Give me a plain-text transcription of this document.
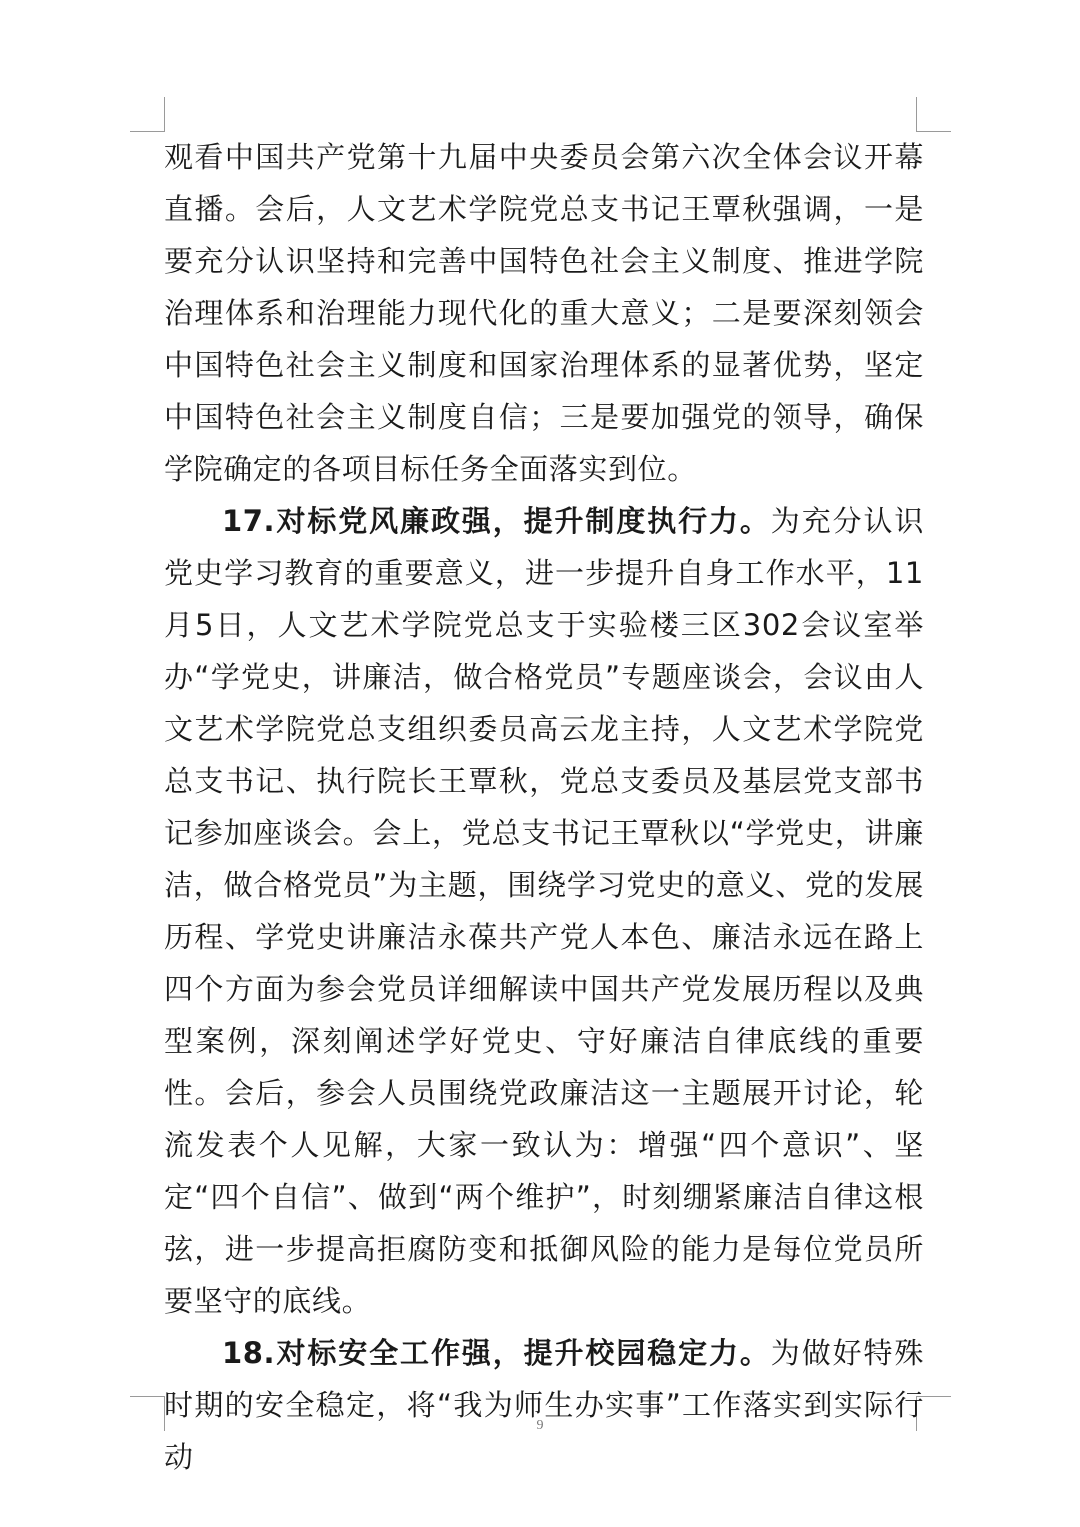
观看中国共产党第十九届中央委员会第六次全体会议开幕直播。会后，人文艺术学院党总支书记王覃秋强调，一是要充分认识坚持和完善中国特色社会主义制度、推进学院治理体系和治理能力现代化的重大意义；二是要深刻领会中国特色社会主义制度和国家治理体系的显著优势，坚定中国特色社会主义制度自信；三是要加强党的领导，确保学院确定的各项目标任务全面落实到位。

17.对标党风廉政强，提升制度执行力。为充分认识党史学习教育的重要意义，进一步提升自身工作水平，11月5日，人文艺术学院党总支于实验楼三区302会议室举办“学党史，讲廉洁，做合格党员”专题座谈会，会议由人文艺术学院党总支组织委员高云龙主持，人文艺术学院党总支书记、执行院长王覃秋，党总支委员及基层党支部书记参加座谈会。会上，党总支书记王覃秋以“学党史，讲廉洁，做合格党员”为主题，围绕学习党史的意义、党的发展历程、学党史讲廉洁永葆共产党人本色、廉洁永远在路上四个方面为参会党员详细解读中国共产党发展历程以及典型案例，深刻阐述学好党史、守好廉洁自律底线的重要性。会后，参会人员围绕党政廉洁这一主题展开讨论，轮流发表个人见解，大家一致认为：增强“四个意识”、坚定“四个自信”、做到“两个维护”，时刻绷紧廉洁自律这根弦，进一步提高拒腐防变和抵御风险的能力是每位党员所要坚守的底线。

18.对标安全工作强，提升校园稳定力。为做好特殊时期的安全稳定，将“我为师生办实事”工作落实到实际行动

9
